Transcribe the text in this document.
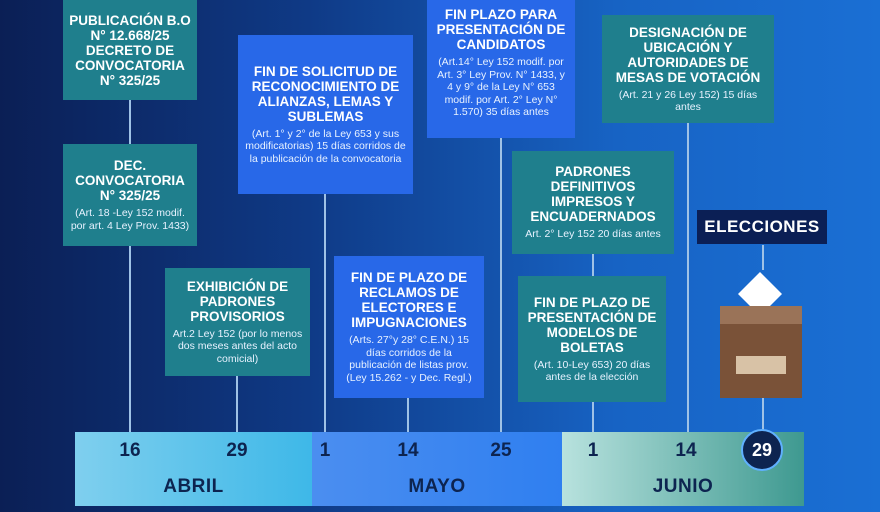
PUBLICACIÓN B.O N° 12.668/25 DECRETO DE CONVOCATORIA N° 325/25
DEC. CONVOCATORIA N° 325/25
(Art. 18 -Ley 152 modif. por art. 4 Ley Prov. 1433)
EXHIBICIÓN DE PADRONES PROVISORIOS
Art.2 Ley 152 (por lo menos dos meses antes del acto comicial)
FIN DE SOLICITUD DE RECONOCIMIENTO DE ALIANZAS, LEMAS Y SUBLEMAS
(Art. 1° y 2° de la Ley 653 y sus modificatorias) 15 días corridos de la publicación de la convocatoria
FIN DE PLAZO DE RECLAMOS DE ELECTORES E IMPUGNACIONES
(Arts. 27°y 28° C.E.N.) 15 días corridos de la publicación de listas prov. (Ley 15.262 - y Dec. Regl.)
FIN PLAZO PARA PRESENTACIÓN DE CANDIDATOS
(Art.14° Ley 152 modif. por Art. 3° Ley Prov. N° 1433, y 4 y 9° de la Ley N° 653 modif. por Art. 2° Ley N° 1.570) 35 días antes
PADRONES DEFINITIVOS IMPRESOS Y ENCUADERNADOS
Art. 2° Ley 152 20 días antes
FIN DE PLAZO DE PRESENTACIÓN DE MODELOS DE BOLETAS
(Art. 10-Ley 653) 20 días antes de la elección
DESIGNACIÓN DE UBICACIÓN Y AUTORIDADES DE MESAS DE VOTACIÓN
(Art. 21 y 26 Ley 152) 15 días antes
ELECCIONES
16	29	1	14	25	1	14	29
ABRIL	MAYO	JUNIO
